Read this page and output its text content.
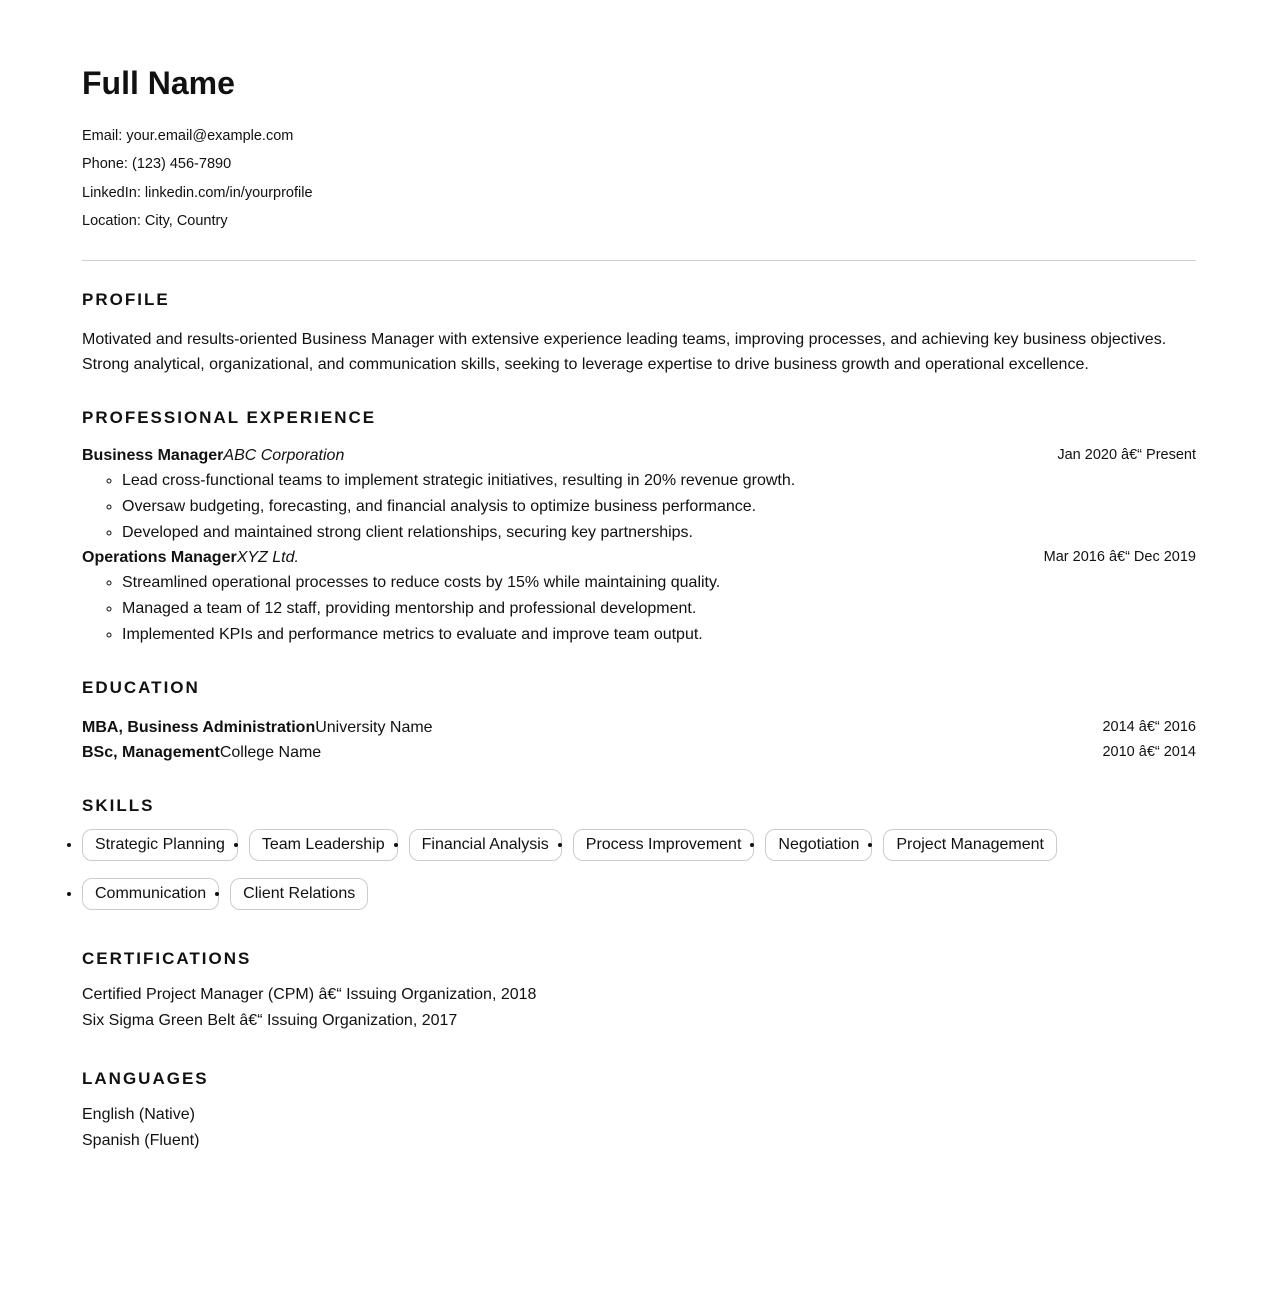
Full Name

Email: your.email@example.com

Phone: (123) 456-7890

LinkedIn: linkedin.com/in/yourprofile

Location: City, Country

PROFILE

Motivated and results-oriented Business Manager with extensive experience leading teams, improving processes, and achieving key business objectives. Strong analytical, organizational, and communication skills, seeking to leverage expertise to drive business growth and operational excellence.

PROFESSIONAL EXPERIENCE
Business ManagerABC Corporation	Jan 2020 â€“ Present
◦ Lead cross-functional teams to implement strategic initiatives, resulting in 20% revenue growth.
◦ Oversaw budgeting, forecasting, and financial analysis to optimize business performance.
◦ Developed and maintained strong client relationships, securing key partnerships.
Operations ManagerXYZ Ltd.	Mar 2016 â€“ Dec 2019
◦ Streamlined operational processes to reduce costs by 15% while maintaining quality.
◦ Managed a team of 12 staff, providing mentorship and professional development.
◦ Implemented KPIs and performance metrics to evaluate and improve team output.
EDUCATION
MBA, Business AdministrationUniversity Name	2014 â€“ 2016
BSc, ManagementCollege Name	2010 â€“ 2014
SKILLS
• Strategic Planning	• Team Leadership	• Financial Analysis	• Process Improvement	• Negotiation	• Project Management
• Communication	• Client Relations
CERTIFICATIONS

Certified Project Manager (CPM) â€“ Issuing Organization, 2018

Six Sigma Green Belt â€“ Issuing Organization, 2017

LANGUAGES

English (Native)

Spanish (Fluent)
